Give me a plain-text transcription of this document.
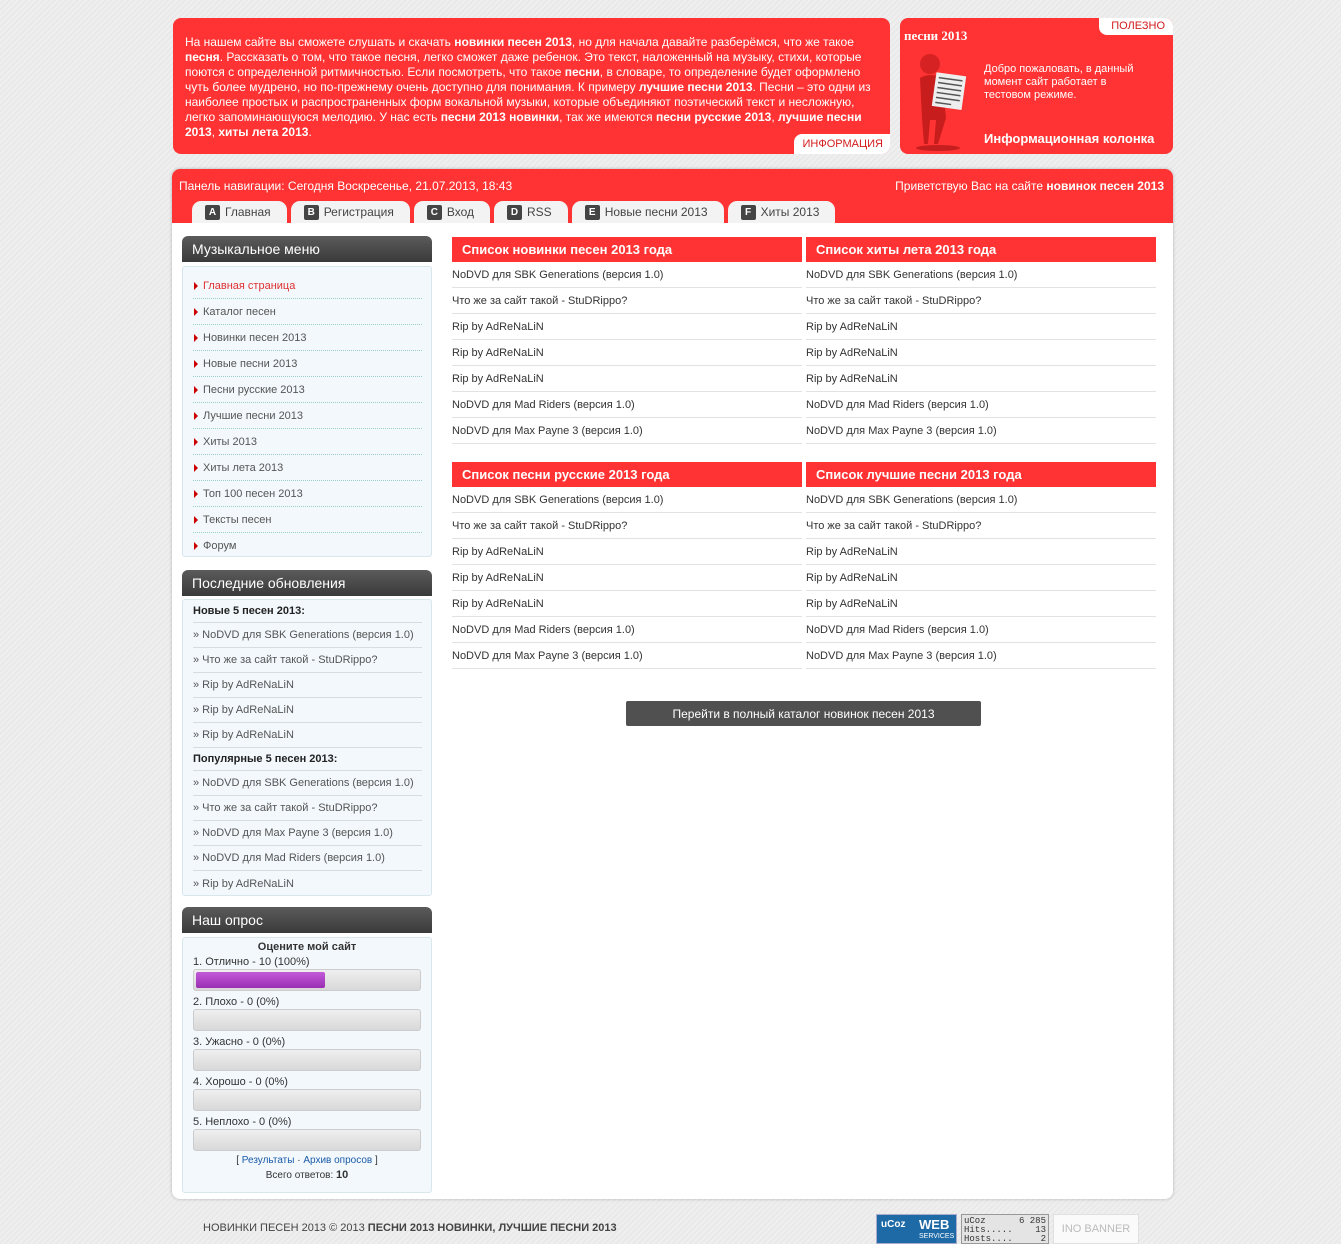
На нашем сайте вы сможете слушать и скачать новинки песен 2013, но для начала давайте разберёмся, что же такое песня. Рассказать о том, что такое песня, легко сможет даже ребенок. Это текст, наложенный на музыку, стихи, которые поются с определенной ритмичностью. Если посмотреть, что такое песни, в словаре, то определение будет оформлено чуть более мудрено, но по-прежнему очень доступно для понимания. К примеру лучшие песни 2013. Песни – это одни из наиболее простых и распространенных форм вокальной музыки, которые объединяют поэтический текст и несложную, легко запоминающуюся мелодию. У нас есть песни 2013 новинки, так же имеются песни русские 2013, лучшие песни 2013, хиты лета 2013.
ИНФОРМАЦИЯ
ПОЛЕЗНО
песни 2013
Добро пожаловать, в данный момент сайт работает в тестовом режиме.
Информационная колонка
Панель навигации: Сегодня Воскресенье, 21.07.2013, 18:43	Приветствую Вас на сайте новинок песен 2013
A Главная	B Регистрация	C Вход	D RSS	E Новые песни 2013	F Хиты 2013
Музыкальное меню
Главная страница
Каталог песен
Новинки песен 2013
Новые песни 2013
Песни русские 2013
Лучшие песни 2013
Хиты 2013
Хиты лета 2013
Топ 100 песен 2013
Тексты песен
Форум
Последние обновления
Новые 5 песен 2013:
» NoDVD для SBK Generations (версия 1.0)
» Что же за сайт такой - StuDRippo?
» Rip by AdReNaLiN
» Rip by AdReNaLiN
» Rip by AdReNaLiN
Популярные 5 песен 2013:
» NoDVD для SBK Generations (версия 1.0)
» Что же за сайт такой - StuDRippo?
» NoDVD для Max Payne 3 (версия 1.0)
» NoDVD для Mad Riders (версия 1.0)
» Rip by AdReNaLiN
Наш опрос
Оцените мой сайт
1. Отлично - 10 (100%)
2. Плохо - 0 (0%)
3. Ужасно - 0 (0%)
4. Хорошо - 0 (0%)
5. Неплохо - 0 (0%)
[ Результаты · Архив опросов ]
Всего ответов: 10
Список новинки песен 2013 года
NoDVD для SBK Generations (версия 1.0)
Что же за сайт такой - StuDRippo?
Rip by AdReNaLiN
Rip by AdReNaLiN
Rip by AdReNaLiN
NoDVD для Mad Riders (версия 1.0)
NoDVD для Max Payne 3 (версия 1.0)
Список хиты лета 2013 года
NoDVD для SBK Generations (версия 1.0)
Что же за сайт такой - StuDRippo?
Rip by AdReNaLiN
Rip by AdReNaLiN
Rip by AdReNaLiN
NoDVD для Mad Riders (версия 1.0)
NoDVD для Max Payne 3 (версия 1.0)
Список песни русские 2013 года
NoDVD для SBK Generations (версия 1.0)
Что же за сайт такой - StuDRippo?
Rip by AdReNaLiN
Rip by AdReNaLiN
Rip by AdReNaLiN
NoDVD для Mad Riders (версия 1.0)
NoDVD для Max Payne 3 (версия 1.0)
Список лучшие песни 2013 года
NoDVD для SBK Generations (версия 1.0)
Что же за сайт такой - StuDRippo?
Rip by AdReNaLiN
Rip by AdReNaLiN
Rip by AdReNaLiN
NoDVD для Mad Riders (версия 1.0)
NoDVD для Max Payne 3 (версия 1.0)
Перейти в полный каталог новинок песен 2013
НОВИНКИ ПЕСЕН 2013 © 2013 ПЕСНИ 2013 НОВИНКИ, ЛУЧШИЕ ПЕСНИ 2013	uCoz WEB
SERVICES
uCoz	6 285
Hits.....	13
Hosts....	2
INO BANNER
